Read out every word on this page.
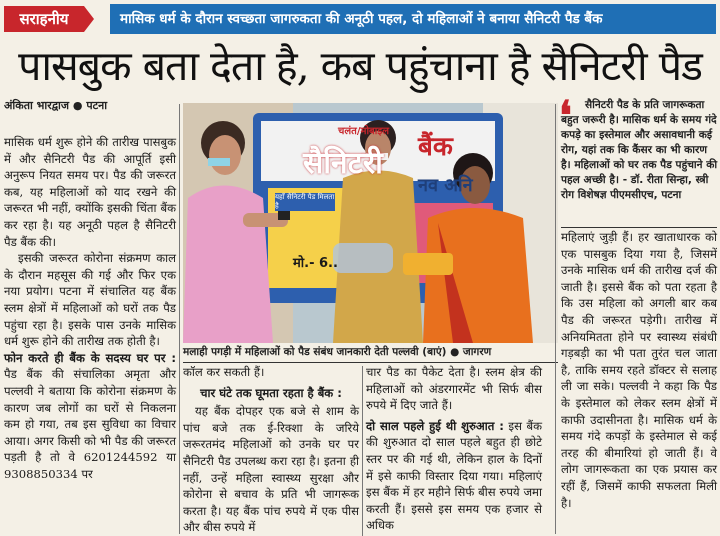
सराहनीय	मासिक धर्म के दौरान स्वच्छता जागरुकता की अनूठी पहल, दो महिलाओं ने बनाया सैनिटरी पैड बैंक
पासबुक बता देता है, कब पहुंचाना है सैनिटरी पैड
अंकिता भारद्वाज ● पटना

मासिक धर्म शुरू होने की तारीख पासबुक में और सैनिटरी पैड की आपूर्ति इसी अनुरूप नियत समय पर। पैड की जरूरत कब, यह महिलाओं को याद रखने की जरूरत भी नहीं, क्योंकि इसकी चिंता बैंक कर रहा है। यह अनूठी पहल है सैनिटरी पैड बैंक की।

इसकी जरूरत कोरोना संक्रमण काल के दौरान महसूस की गई और फिर एक नया प्रयोग। पटना में संचालित यह बैंक स्लम क्षेत्रों में महिलाओं को घरों तक पैड पहुंचा रहा है। इसके पास उनके मासिक धर्म शुरू होने की तारीख तक होती है।

फोन करते ही बैंक के सदस्य घर पर : पैड बैंक की संचालिका अमृता और पल्लवी ने बताया कि कोरोना संक्रमण के कारण जब लोगों का घरों से निकलना कम हो गया, तब इस सुविधा का विचार आया। अगर किसी को भी पैड की जरूरत पड़ती है तो वे 6201244592 या 9308850334 पर

चलंत/मोबाइल
बैंक
सैनिटरी
नव अनि
यहाँ सैनिटरी पैड मिलता है
मो.- 6..
मलाही पगड़ी में महिलाओं को पैड संबंध जानकारी देती पल्लवी (बाएं) ● जागरण

कॉल कर सकती हैं।

चार घंटे तक घूमता रहता है बैंक :

यह बैंक दोपहर एक बजे से शाम के पांच बजे तक ई-रिक्शा के जरिये जरूरतमंद महिलाओं को उनके घर पर सैनिटरी पैड उपलब्ध करा रहा है। इतना ही नहीं, उन्हें महिला स्वास्थ्य सुरक्षा और कोरोना से बचाव के प्रति भी जागरूक करता है। यह बैंक पांच रुपये में एक पीस और बीस रुपये में

चार पैड का पैकेट देता है। स्लम क्षेत्र की महिलाओं को अंडरगारमेंट भी सिर्फ बीस रुपये में दिए जाते हैं।

दो साल पहले हुई थी शुरुआत : इस बैंक की शुरुआत दो साल पहले बहुत ही छोटे स्तर पर की गई थी, लेकिन हाल के दिनों में इसे काफी विस्तार दिया गया। महिलाएं इस बैंक में हर महीने सिर्फ बीस रुपये जमा करती हैं। इससे इस समय एक हजार से अधिक

❛	सैनिटरी पैड के प्रति जागरूकता बहुत जरूरी है। मासिक धर्म के समय गंदे कपड़े का इस्तेमाल और असावधानी कई रोग, यहां तक कि कैंसर का भी कारण है। महिलाओं को घर तक पैड पहुंचाने की पहल अच्छी है। - डॉ. रीता सिन्हा, स्त्री रोग विशेषज्ञ पीएमसीएच, पटना

महिलाएं जुड़ी हैं। हर खाताधारक को एक पासबुक दिया गया है, जिसमें उनके मासिक धर्म की तारीख दर्ज की जाती है। इससे बैंक को पता रहता है कि उस महिला को अगली बार कब पैड की जरूरत पड़ेगी। तारीख में अनियमितता होने पर स्वास्थ्य संबंधी गड़बड़ी का भी पता तुरंत चल जाता है, ताकि समय रहते डॉक्टर से सलाह ली जा सके। पल्लवी ने कहा कि पैड के इस्तेमाल को लेकर स्लम क्षेत्रों में काफी उदासीनता है। मासिक धर्म के समय गंदे कपड़ों के इस्तेमाल से कई तरह की बीमारियां हो जाती हैं। वे लोग जागरूकता का एक प्रयास कर रहीं हैं, जिसमें काफी सफलता मिली है।
